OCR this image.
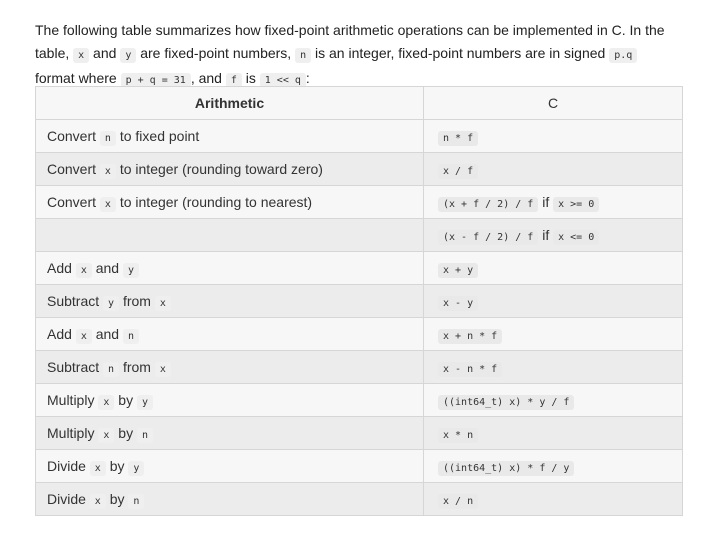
The following table summarizes how fixed-point arithmetic operations can be implemented in C. In the table, x and y are fixed-point numbers, n is an integer, fixed-point numbers are in signed p.q
format where p + q = 31 , and f is 1 << q :

Arithmetic	C
Convert n to fixed point	n * f
Convert x to integer (rounding toward zero)	x / f
Convert x to integer (rounding to nearest)	(x + f / 2) / f if x >= 0
	(x - f / 2) / f if x <= 0
Add x and y	x + y
Subtract y from x	x - y
Add x and n	x + n * f
Subtract n from x	x - n * f
Multiply x by y	((int64_t) x) * y / f
Multiply x by n	x * n
Divide x by y	((int64_t) x) * f / y
Divide x by n	x / n
